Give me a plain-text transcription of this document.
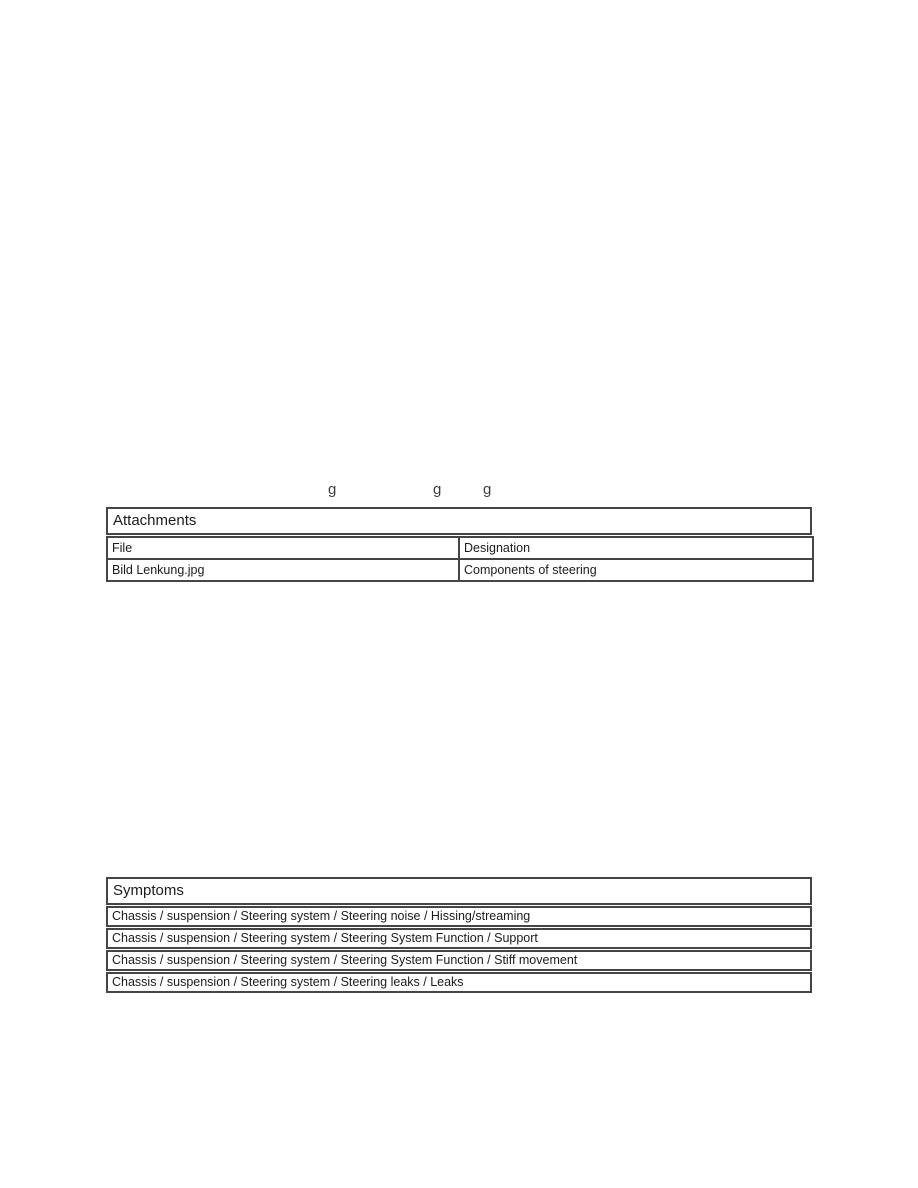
g	g	g
Attachments
File	Designation
Bild Lenkung.jpg	Components of steering
Symptoms
Chassis / suspension / Steering system / Steering noise / Hissing/streaming
Chassis / suspension / Steering system / Steering System Function / Support
Chassis / suspension / Steering system / Steering System Function / Stiff movement
Chassis / suspension / Steering system / Steering leaks / Leaks
